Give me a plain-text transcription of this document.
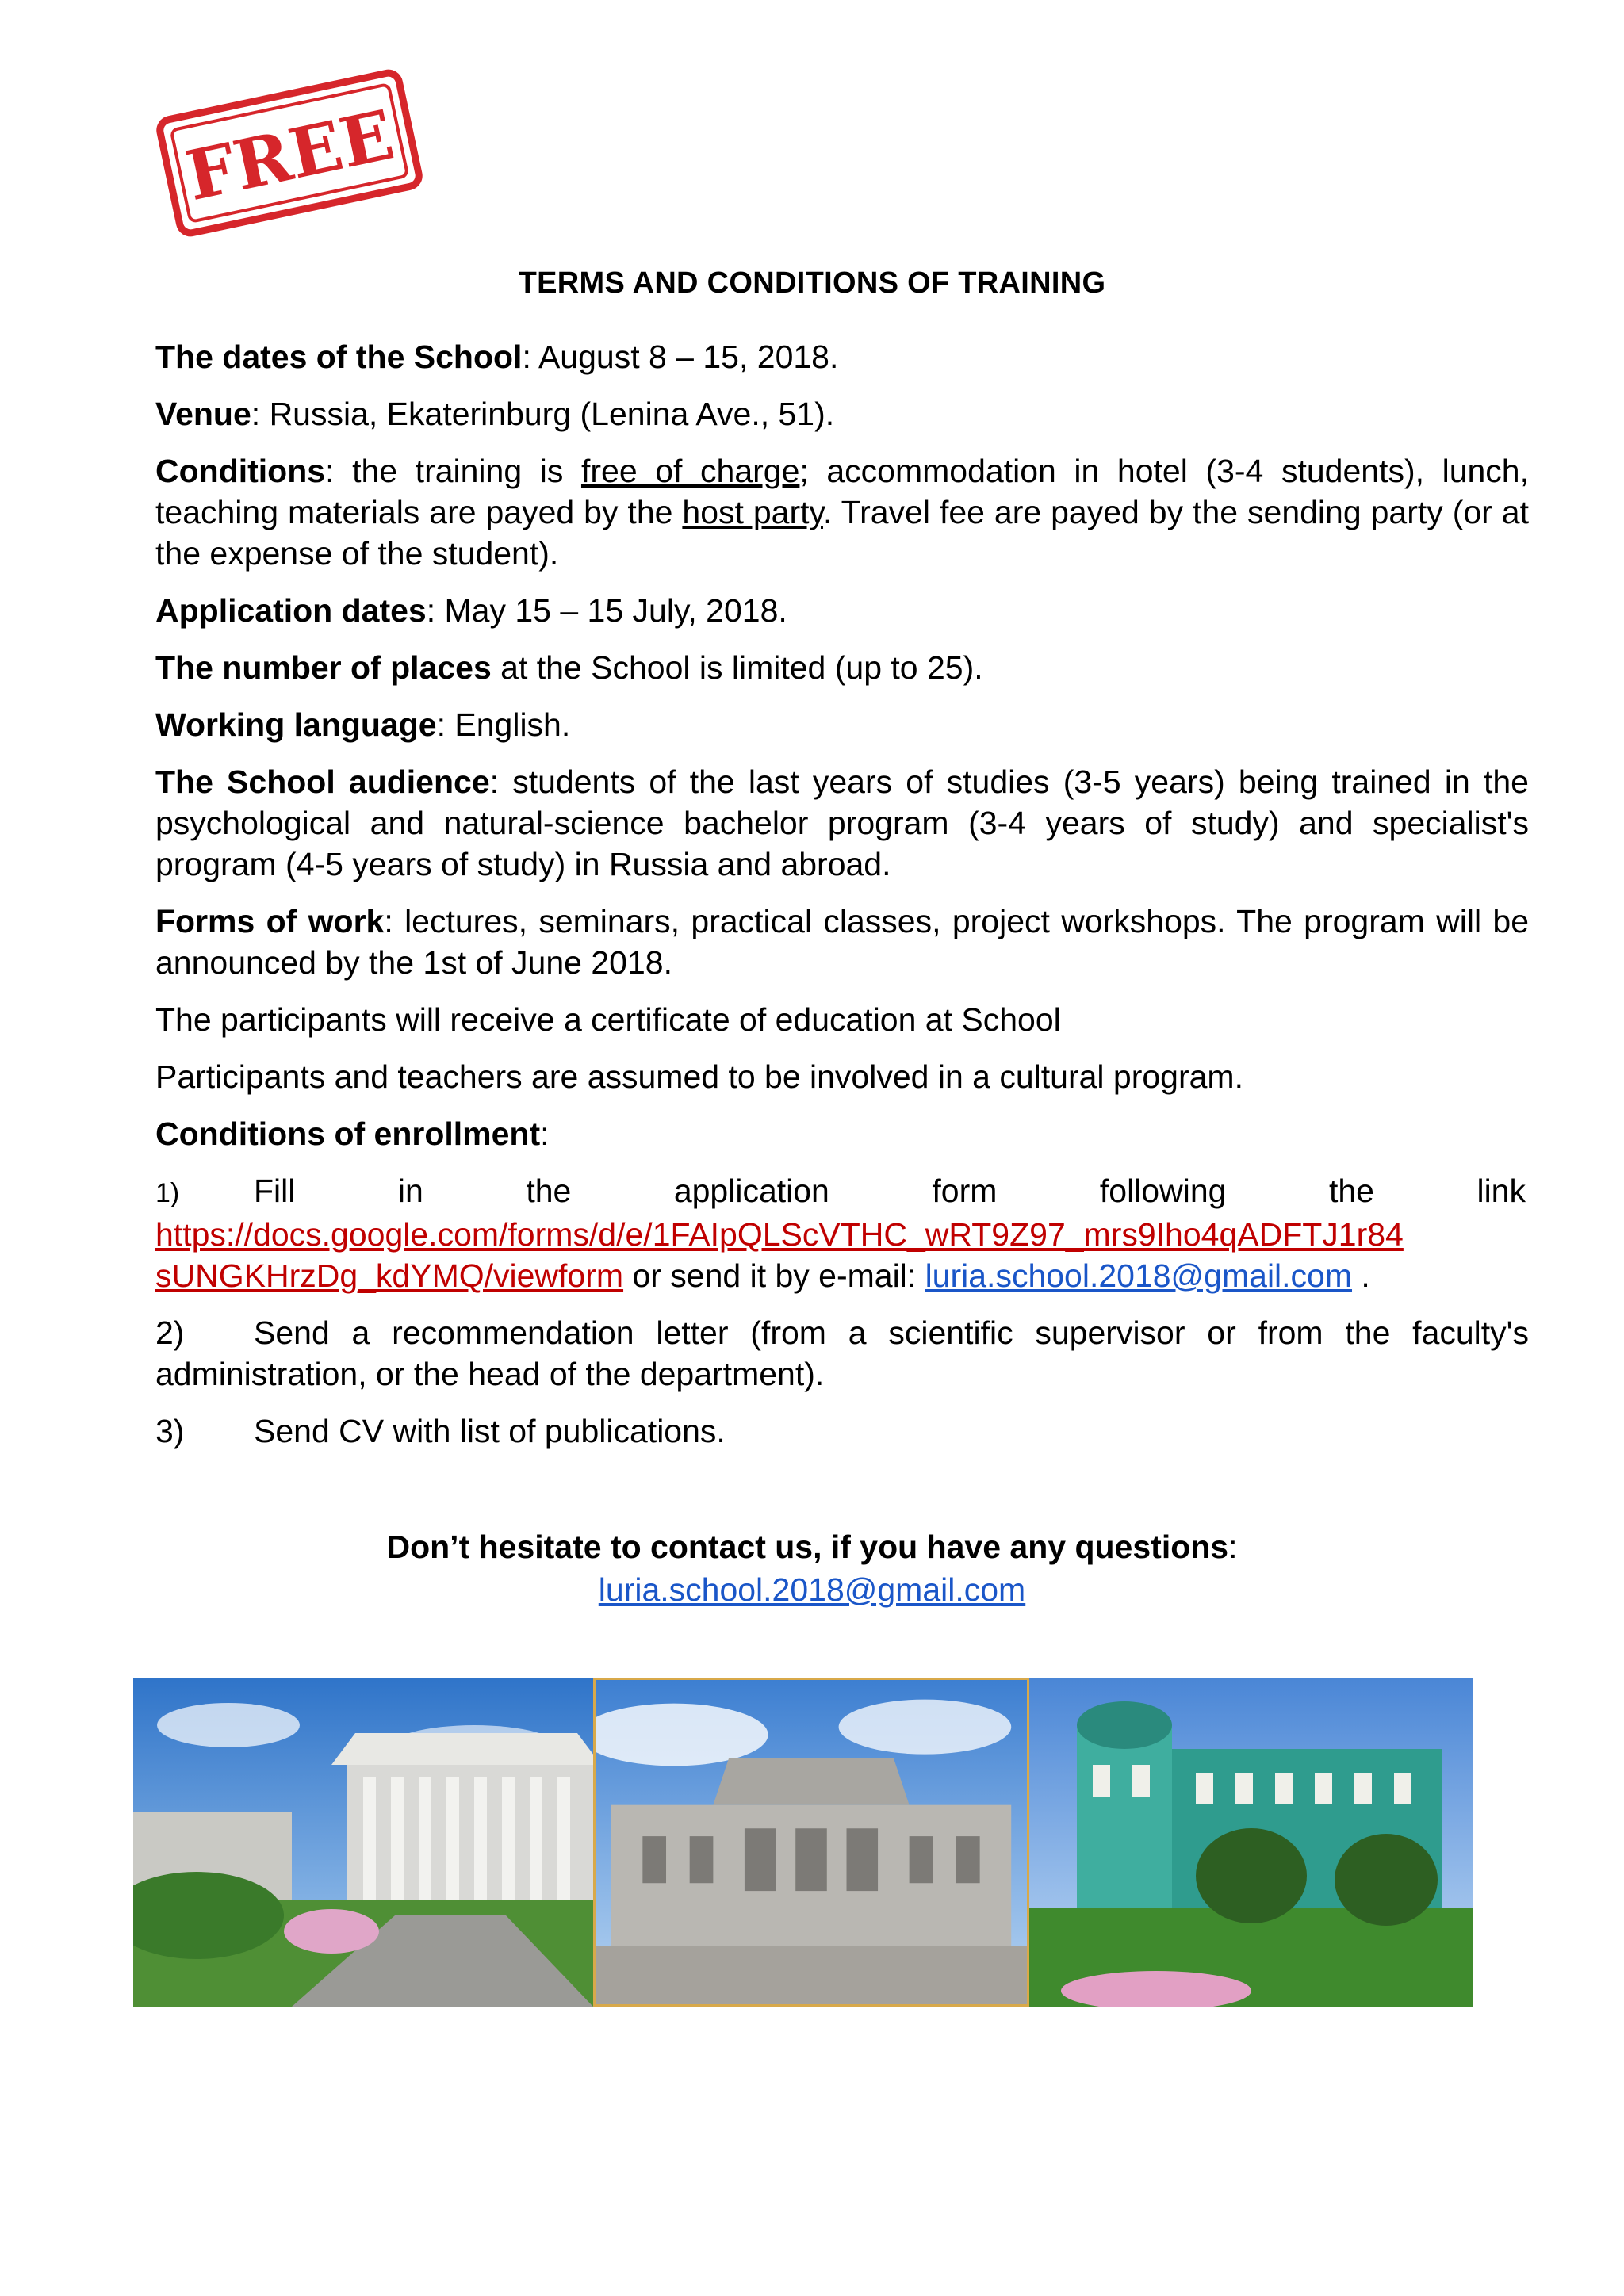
FREE
TERMS AND CONDITIONS OF TRAINING

The dates of the School: August 8 – 15, 2018.

Venue: Russia, Ekaterinburg (Lenina Ave., 51).

Conditions: the training is free of charge; accommodation in hotel (3-4 students), lunch, teaching materials are payed by the host party. Travel fee are payed by the sending party (or at the expense of the student).

Application dates: May 15 – 15 July, 2018.

The number of places at the School is limited (up to 25).

Working language: English.

The School audience: students of the last years of studies (3-5 years) being trained in the psychological and natural-science bachelor program (3-4 years of study) and specialist's program (4-5 years of study) in Russia and abroad.

Forms of work: lectures, seminars, practical classes, project workshops. The program will be announced by the 1st of June 2018.

The participants will receive a certificate of education at School

Participants and teachers are assumed to be involved in a cultural program.

Conditions of enrollment:

1) Fill in the application form following the link
https://docs.google.com/forms/d/e/1FAIpQLScVTHC_wRT9Z97_mrs9Iho4qADFTJ1r84
sUNGKHrzDg_kdYMQ/viewform or send it by e-mail: luria.school.2018@gmail.com .

2) Send a recommendation letter (from a scientific supervisor or from the faculty's administration, or the head of the department).

3) Send CV with list of publications.

Don’t hesitate to contact us, if you have any questions:
luria.school.2018@gmail.com
